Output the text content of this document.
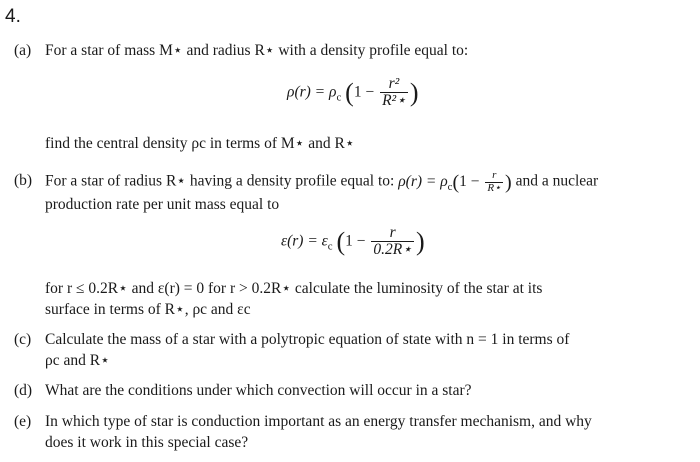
4.
(a) For a star of mass M⋆ and radius R⋆ with a density profile equal to:
$\rho(r) = \rho_c$ ($1 - \frac{\text{r²}}{\text{R²⋆}}$ )
find the central density ρc in terms of M⋆ and R⋆
(b) For a star of radius R⋆ having a density profile equal to: $\rho(r) = \rho_c(1 - \frac{r}{R⋆}$ ) and a nuclear
production rate per unit mass equal to
$\varepsilon(r) = \varepsilon_c$ ($1 - \frac{r}{0.2R⋆}$ )
for r ≤ 0.2R⋆ and ε(r) = 0 for r > 0.2R⋆ calculate the luminosity of the star at its
surface in terms of R⋆, ρc and εc
(c) Calculate the mass of a star with a polytropic equation of state with n = 1 in terms of
ρc and R⋆
(d) What are the conditions under which convection will occur in a star?
(e) In which type of star is conduction important as an energy transfer mechanism, and why
does it work in this special case?
